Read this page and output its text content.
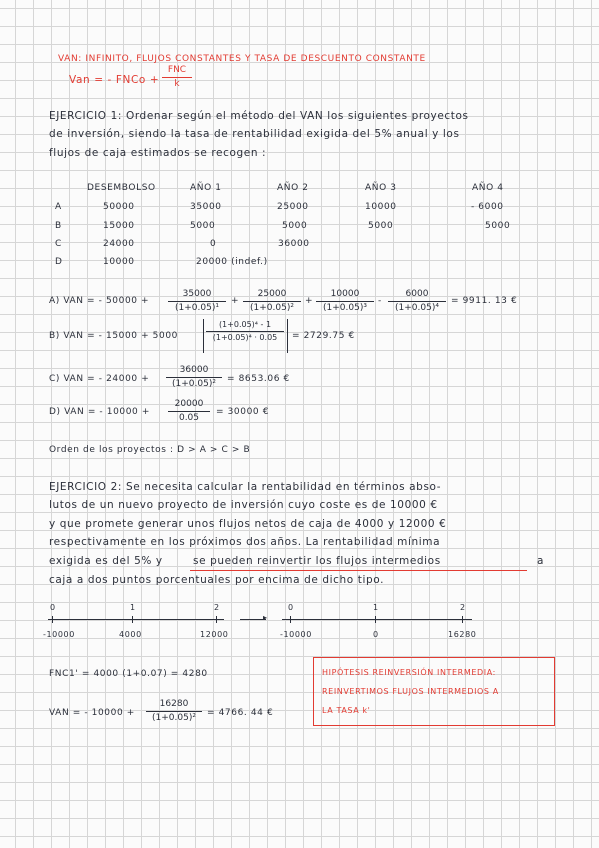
VAN: INFINITO, FLUJOS CONSTANTES Y TASA DE DESCUENTO CONSTANTE
Van = - FNCo +
FNC
k
EJERCICIO 1: Ordenar según el método del VAN los siguientes proyectos
de inversión, siendo la tasa de rentabilidad exigida del 5% anual y los
flujos de caja estimados se recogen :
DESEMBOLSO	AÑO 1	AÑO 2	AÑO 3	AÑO 4
A	50000	35000	25000	10000	- 6000
B	15000	5000	5000	5000	5000
C	24000	0	36000
D	10000	20000 (indef.)
A) VAN = - $50000 + \frac{35000}{\text{(1+0.05)¹}} + \frac{25000}{\text{(1+0.05)²}} + \frac{10000}{\text{(1+0.05)³}} - \frac{6000}{\text{(1+0.05)⁴}} = 9911$. 13 €
B) VAN = - 15000 + 5000	$\frac{\text{(1+0.05)⁴ - 1}}{\text{(1+0.05)⁴ · 0.05}} = 2729.75$ €
C) VAN = - $24000 + \frac{36000}{\text{(1+0.05)²}} = 8653.06$ €
D) VAN = - $10000 + \frac{20000}{0.05} = 30000$ €
Orden de los proyectos : D > A > C > B
EJERCICIO 2: Se necesita calcular la rentabilidad en términos abso-
lutos de un nuevo proyecto de inversión cuyo coste es de 10000 €
y que promete generar unos flujos netos de caja de 4000 y 12000 €
respectivamente en los próximos dos años. La rentabilidad mínima
exigida es del 5% y	se pueden reinvertir los flujos intermedios	a
caja a dos puntos porcentuales por encima de dicho tipo.
0	1	2
-10000	4000	12000
▸
0	1	2
-10000	0	16280
FNC1' = 4000 (1+0.07) = 4280
VAN = - $10000 + \frac{16280}{\text{(1+0.05)²}} = 4766$. 44 €
HIPÓTESIS REINVERSIÓN INTERMEDIA:
REINVERTIMOS FLUJOS INTERMEDIOS A
LA TASA k'
